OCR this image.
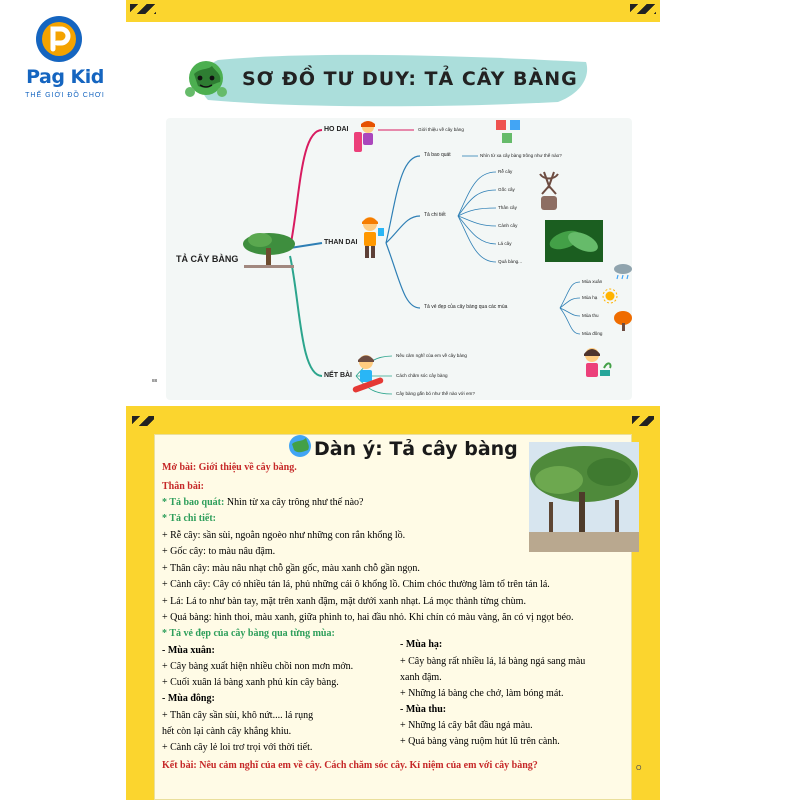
Pag Kid
THẾ GIỚI ĐỒ CHƠI
SƠ ĐỒ TƯ DUY: TẢ CÂY BÀNG
TẢ CÂY BÀNG
HO DAI	Giới thiệu về cây bàng
THAN DAI
Tả bao quát	Nhìn từ xa cây bàng trông như thế nào?
Tả chi tiết
Rễ cây
Gốc cây
Thân cây
Cành cây
Lá cây
Quả bàng...
Tả vẻ đẹp của cây bàng qua các mùa
Mùa xuân
Mùa hạ
Mùa thu
Mùa đông
NẾT BÀI
Nêu cảm nghĩ của em về cây bàng
Cách chăm sóc cây bàng
Cây bàng gắn bó như thế nào với em?
88
Dàn ý: Tả cây bàng
Mở bài: Giới thiệu về cây bàng.
Thân bài:
* Tả bao quát: Nhìn từ xa cây trông như thế nào?
* Tả chi tiết:
+ Rễ cây: sần sùi, ngoằn ngoèo như những con rắn khổng lồ.
+ Gốc cây: to màu nâu đậm.
+ Thân cây: màu nâu nhạt chỗ gần gốc, màu xanh chỗ gần ngọn.
+ Cành cây: Cây có nhiều tán lá, phủ những cái ô khổng lồ. Chim chóc thường làm tổ trên tán lá.
+ Lá: Lá to như bàn tay, mặt trên xanh đậm, mặt dưới xanh nhạt. Lá mọc thành từng chùm.
+ Quả bàng: hình thoi, màu xanh, giữa phình to, hai đầu nhỏ. Khi chín có màu vàng, ăn có vị ngọt béo.
* Tả vẻ đẹp của cây bàng qua từng mùa:
- Mùa xuân:
+ Cây bàng xuất hiện nhiều chồi non mơn mởn.
+ Cuối xuân lá bàng xanh phủ kín cây bàng.
- Mùa đông:
+ Thân cây sần sùi, khô nứt.... lá rụng
hết còn lại cành cây khẳng khiu.
+ Cành cây lẻ loi trơ trọi với thời tiết.
- Mùa hạ:
+ Cây bàng rất nhiều lá, lá bàng ngả sang màu
xanh đậm.
+ Những lá bàng che chở, làm bóng mát.
- Mùa thu:
+ Những lá cây bắt đầu ngả màu.
+ Quả bàng vàng ruộm hút lũ trên cành.
Kết bài: Nêu cảm nghĩ của em về cây. Cách chăm sóc cây. Kỉ niệm của em với cây bàng?	O
